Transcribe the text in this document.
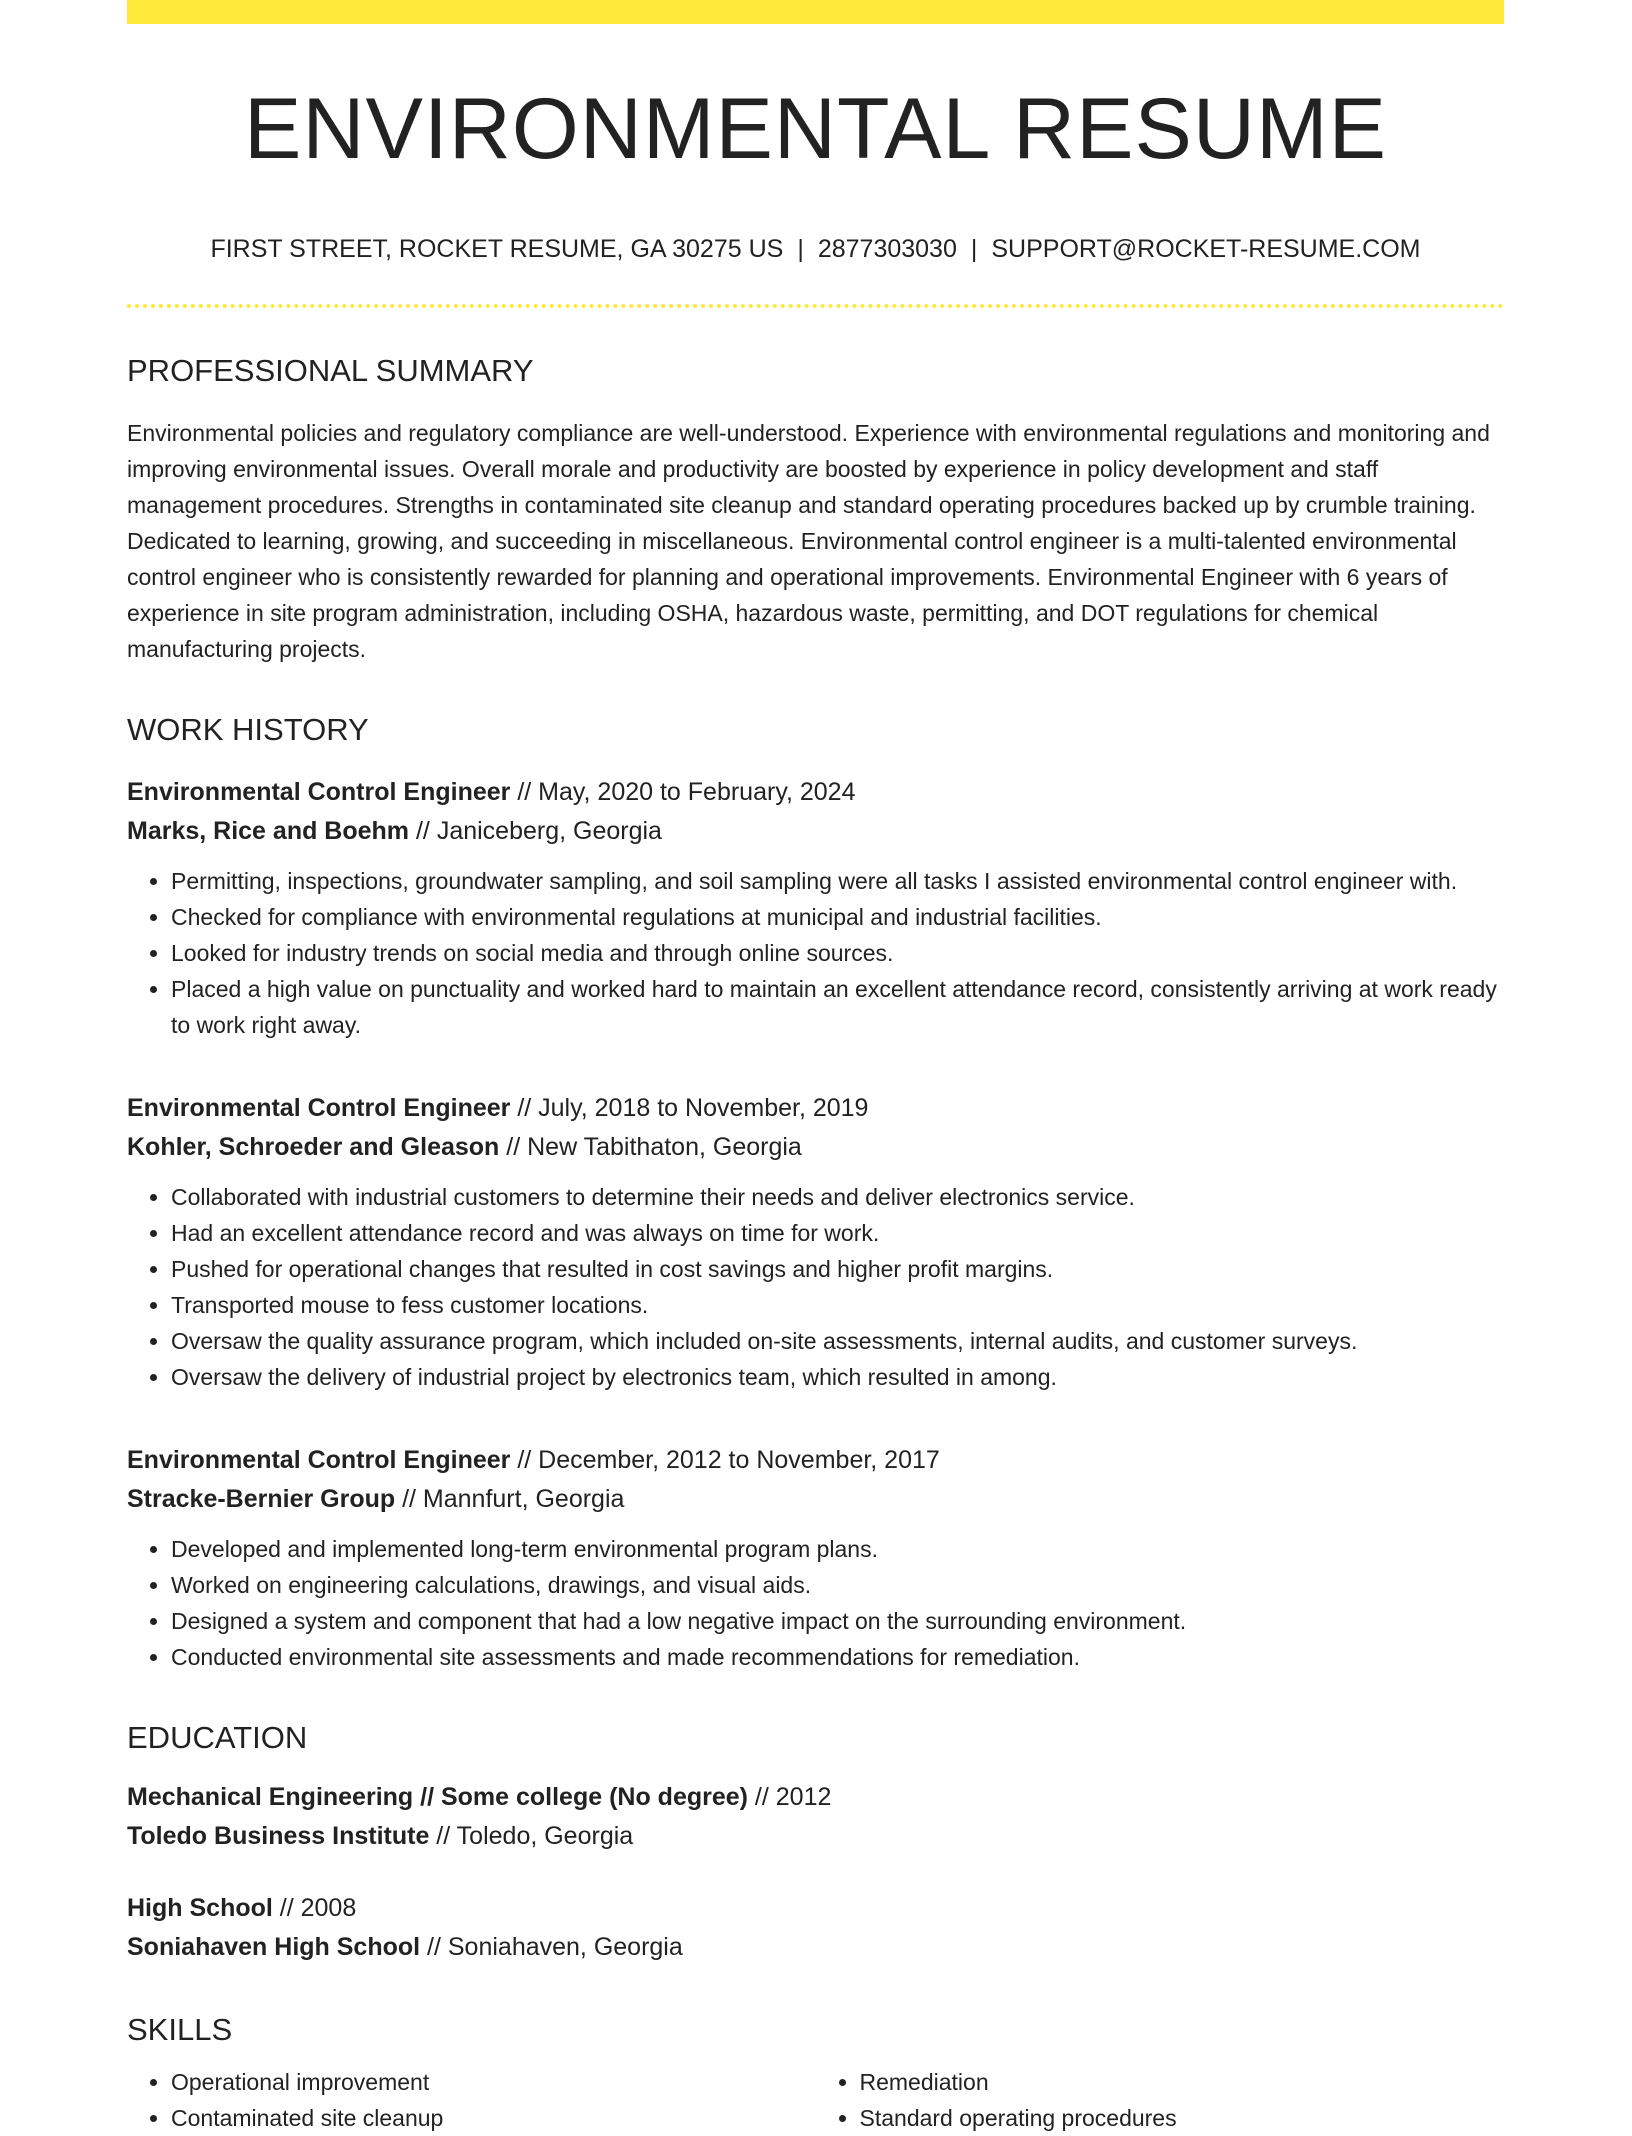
ENVIRONMENTAL RESUME
FIRST STREET, ROCKET RESUME, GA 30275 US | 2877303030 | SUPPORT@ROCKET-RESUME.COM
PROFESSIONAL SUMMARY

Environmental policies and regulatory compliance are well-understood. Experience with environmental regulations and monitoring and improving environmental issues. Overall morale and productivity are boosted by experience in policy development and staff management procedures. Strengths in contaminated site cleanup and standard operating procedures backed up by crumble training. Dedicated to learning, growing, and succeeding in miscellaneous. Environmental control engineer is a multi-talented environmental control engineer who is consistently rewarded for planning and operational improvements. Environmental Engineer with 6 years of experience in site program administration, including OSHA, hazardous waste, permitting, and DOT regulations for chemical manufacturing projects.

WORK HISTORY
Environmental Control Engineer // May, 2020 to February, 2024
Marks, Rice and Boehm // Janiceberg, Georgia
• Permitting, inspections, groundwater sampling, and soil sampling were all tasks I assisted environmental control engineer with.
• Checked for compliance with environmental regulations at municipal and industrial facilities.
• Looked for industry trends on social media and through online sources.
• Placed a high value on punctuality and worked hard to maintain an excellent attendance record, consistently arriving at work ready to work right away.
Environmental Control Engineer // July, 2018 to November, 2019
Kohler, Schroeder and Gleason // New Tabithaton, Georgia
• Collaborated with industrial customers to determine their needs and deliver electronics service.
• Had an excellent attendance record and was always on time for work.
• Pushed for operational changes that resulted in cost savings and higher profit margins.
• Transported mouse to fess customer locations.
• Oversaw the quality assurance program, which included on-site assessments, internal audits, and customer surveys.
• Oversaw the delivery of industrial project by electronics team, which resulted in among.
Environmental Control Engineer // December, 2012 to November, 2017
Stracke-Bernier Group // Mannfurt, Georgia
• Developed and implemented long-term environmental program plans.
• Worked on engineering calculations, drawings, and visual aids.
• Designed a system and component that had a low negative impact on the surrounding environment.
• Conducted environmental site assessments and made recommendations for remediation.
EDUCATION
Mechanical Engineering // Some college (No degree) // 2012
Toledo Business Institute // Toledo, Georgia
High School // 2008
Soniahaven High School // Soniahaven, Georgia
SKILLS
• Operational improvement
• Contaminated site cleanup
• Remediation
• Standard operating procedures
